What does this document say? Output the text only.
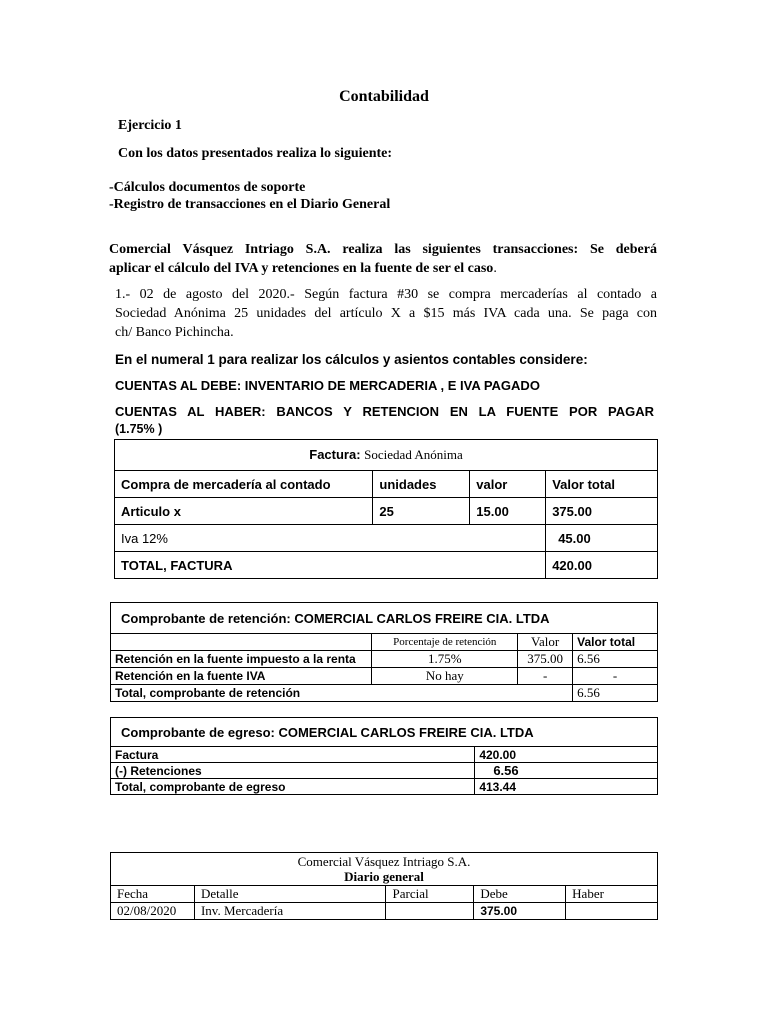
Contabilidad
Ejercicio 1
Con los datos presentados realiza lo siguiente:
-Cálculos documentos de soporte
-Registro de transacciones en el Diario General
Comercial Vásquez Intriago S.A. realiza las siguientes transacciones: Se deberá
aplicar el cálculo del IVA y retenciones en la fuente de ser el caso.
1.- 02 de agosto del 2020.- Según factura #30 se compra mercaderías al contado a
Sociedad Anónima 25 unidades del artículo X a $15 más IVA cada una. Se paga con
ch/ Banco Pichincha.
En el numeral 1 para realizar los cálculos y asientos contables considere:
CUENTAS AL DEBE: INVENTARIO DE MERCADERIA , E IVA PAGADO
CUENTAS AL HABER: BANCOS Y RETENCION EN LA FUENTE POR PAGAR
(1.75% )
Factura: Sociedad Anónima			
Compra de mercadería al contado	unidades	valor	Valor total
Articulo x	25	15.00	375.00
Iva 12%			45.00
TOTAL, FACTURA			420.00
Comprobante de retención: COMERCIAL CARLOS FREIRE CIA. LTDA			
	Porcentaje de retención	Valor	Valor total
Retención en la fuente impuesto a la renta	1.75%	375.00	6.56
Retención en la fuente IVA	No hay	-	-
Total, comprobante de retención			6.56
Comprobante de egreso: COMERCIAL CARLOS FREIRE CIA. LTDA	
Factura	420.00
(-) Retenciones	6.56
Total, comprobante de egreso	413.44
Comercial Vásquez Intriago S.A.
Diario general				

Fecha	Detalle	Parcial	Debe	Haber
02/08/2020	Inv. Mercadería		375.00	
